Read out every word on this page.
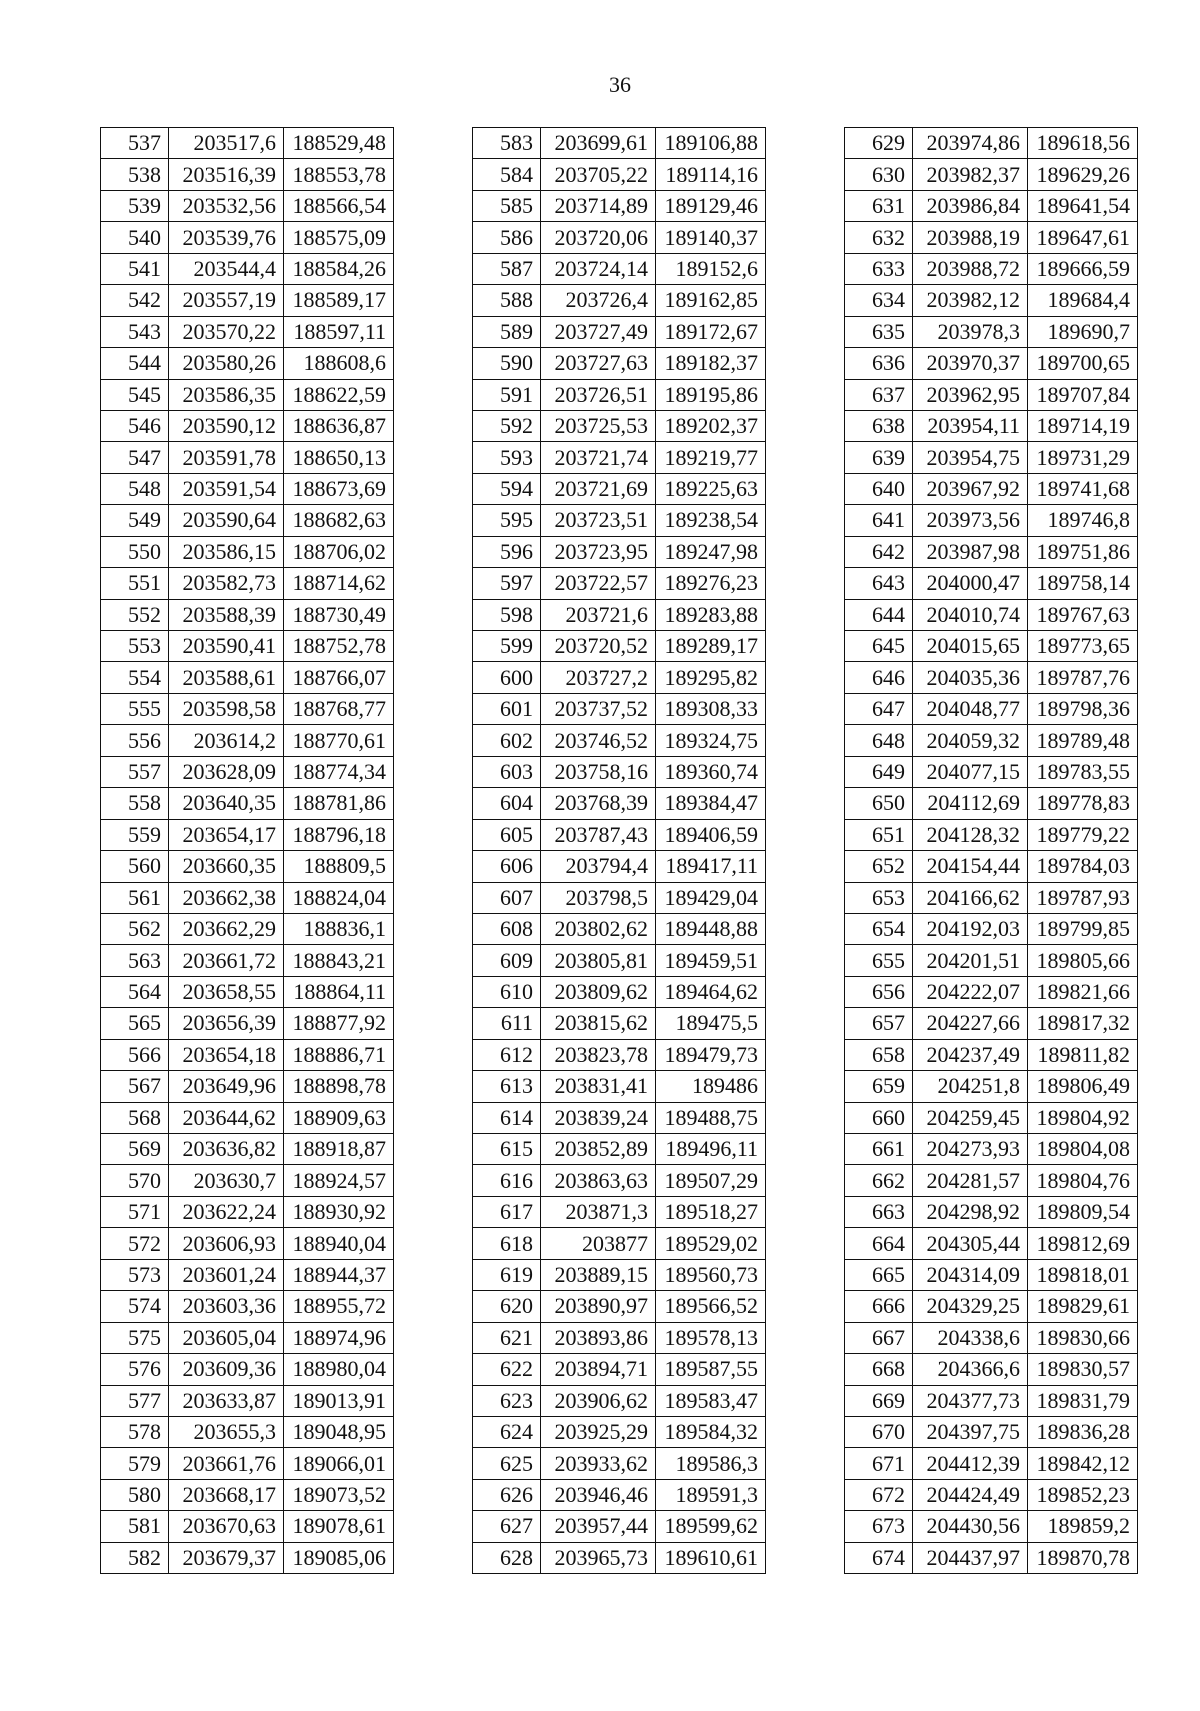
36
537	203517,6	188529,48
538	203516,39	188553,78
539	203532,56	188566,54
540	203539,76	188575,09
541	203544,4	188584,26
542	203557,19	188589,17
543	203570,22	188597,11
544	203580,26	188608,6
545	203586,35	188622,59
546	203590,12	188636,87
547	203591,78	188650,13
548	203591,54	188673,69
549	203590,64	188682,63
550	203586,15	188706,02
551	203582,73	188714,62
552	203588,39	188730,49
553	203590,41	188752,78
554	203588,61	188766,07
555	203598,58	188768,77
556	203614,2	188770,61
557	203628,09	188774,34
558	203640,35	188781,86
559	203654,17	188796,18
560	203660,35	188809,5
561	203662,38	188824,04
562	203662,29	188836,1
563	203661,72	188843,21
564	203658,55	188864,11
565	203656,39	188877,92
566	203654,18	188886,71
567	203649,96	188898,78
568	203644,62	188909,63
569	203636,82	188918,87
570	203630,7	188924,57
571	203622,24	188930,92
572	203606,93	188940,04
573	203601,24	188944,37
574	203603,36	188955,72
575	203605,04	188974,96
576	203609,36	188980,04
577	203633,87	189013,91
578	203655,3	189048,95
579	203661,76	189066,01
580	203668,17	189073,52
581	203670,63	189078,61
582	203679,37	189085,06
583	203699,61	189106,88
584	203705,22	189114,16
585	203714,89	189129,46
586	203720,06	189140,37
587	203724,14	189152,6
588	203726,4	189162,85
589	203727,49	189172,67
590	203727,63	189182,37
591	203726,51	189195,86
592	203725,53	189202,37
593	203721,74	189219,77
594	203721,69	189225,63
595	203723,51	189238,54
596	203723,95	189247,98
597	203722,57	189276,23
598	203721,6	189283,88
599	203720,52	189289,17
600	203727,2	189295,82
601	203737,52	189308,33
602	203746,52	189324,75
603	203758,16	189360,74
604	203768,39	189384,47
605	203787,43	189406,59
606	203794,4	189417,11
607	203798,5	189429,04
608	203802,62	189448,88
609	203805,81	189459,51
610	203809,62	189464,62
611	203815,62	189475,5
612	203823,78	189479,73
613	203831,41	189486
614	203839,24	189488,75
615	203852,89	189496,11
616	203863,63	189507,29
617	203871,3	189518,27
618	203877	189529,02
619	203889,15	189560,73
620	203890,97	189566,52
621	203893,86	189578,13
622	203894,71	189587,55
623	203906,62	189583,47
624	203925,29	189584,32
625	203933,62	189586,3
626	203946,46	189591,3
627	203957,44	189599,62
628	203965,73	189610,61
629	203974,86	189618,56
630	203982,37	189629,26
631	203986,84	189641,54
632	203988,19	189647,61
633	203988,72	189666,59
634	203982,12	189684,4
635	203978,3	189690,7
636	203970,37	189700,65
637	203962,95	189707,84
638	203954,11	189714,19
639	203954,75	189731,29
640	203967,92	189741,68
641	203973,56	189746,8
642	203987,98	189751,86
643	204000,47	189758,14
644	204010,74	189767,63
645	204015,65	189773,65
646	204035,36	189787,76
647	204048,77	189798,36
648	204059,32	189789,48
649	204077,15	189783,55
650	204112,69	189778,83
651	204128,32	189779,22
652	204154,44	189784,03
653	204166,62	189787,93
654	204192,03	189799,85
655	204201,51	189805,66
656	204222,07	189821,66
657	204227,66	189817,32
658	204237,49	189811,82
659	204251,8	189806,49
660	204259,45	189804,92
661	204273,93	189804,08
662	204281,57	189804,76
663	204298,92	189809,54
664	204305,44	189812,69
665	204314,09	189818,01
666	204329,25	189829,61
667	204338,6	189830,66
668	204366,6	189830,57
669	204377,73	189831,79
670	204397,75	189836,28
671	204412,39	189842,12
672	204424,49	189852,23
673	204430,56	189859,2
674	204437,97	189870,78
